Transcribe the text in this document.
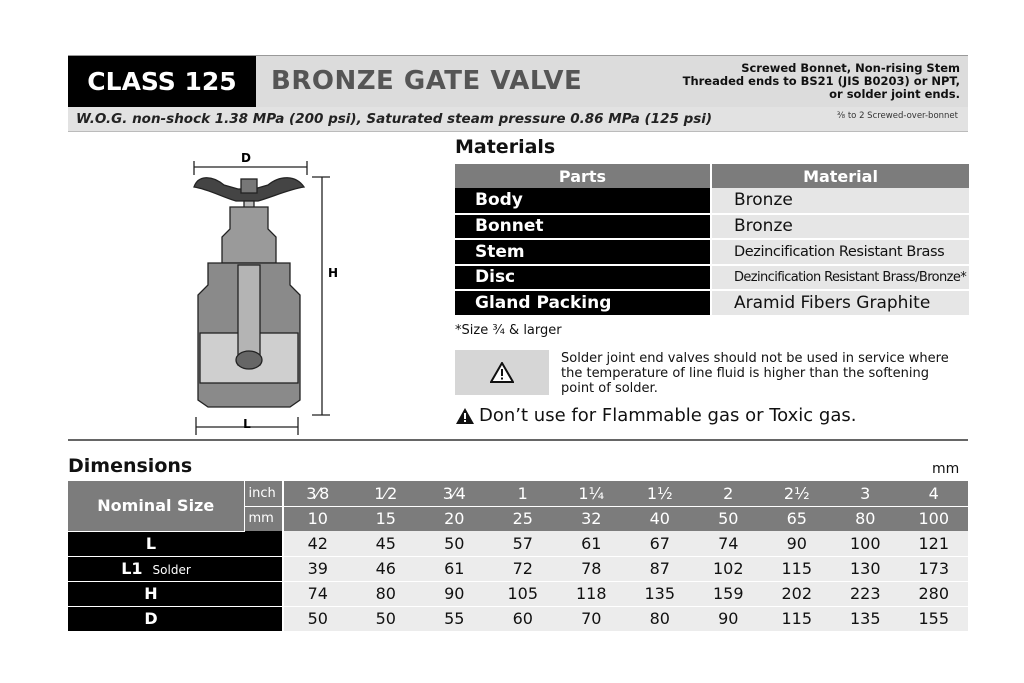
CLASS 125	BRONZE GATE VALVE	Screwed Bonnet, Non-rising Stem
Threaded ends to BS21 (JIS B0203) or NPT,
or solder joint ends.
W.O.G. non-shock 1.38 MPa (200 psi), Saturated steam pressure 0.86 MPa (125 psi)	⅜ to 2 Screwed-over-bonnet
D
H
L
Materials
Parts	Material
Body	Bronze
Bonnet	Bronze
Stem	Dezincification Resistant Brass
Disc	Dezincification Resistant Brass/Bronze*
Gland Packing	Aramid Fibers Graphite
*Size ¾ & larger
Solder joint end valves should not be used in service where the temperature of line fluid is higher than the softening point of solder.
Don’t use for Flammable gas or Toxic gas.
Dimensions	mm
Nominal Size	inch	3⁄8	1⁄2	3⁄4	1	1¼	1½	2	2½	3	4
	mm	10	15	20	25	32	40	50	65	80	100
L		42	45	50	57	61	67	74	90	100	121
L1 Solder		39	46	61	72	78	87	102	115	130	173
H		74	80	90	105	118	135	159	202	223	280
D		50	50	55	60	70	80	90	115	135	155
